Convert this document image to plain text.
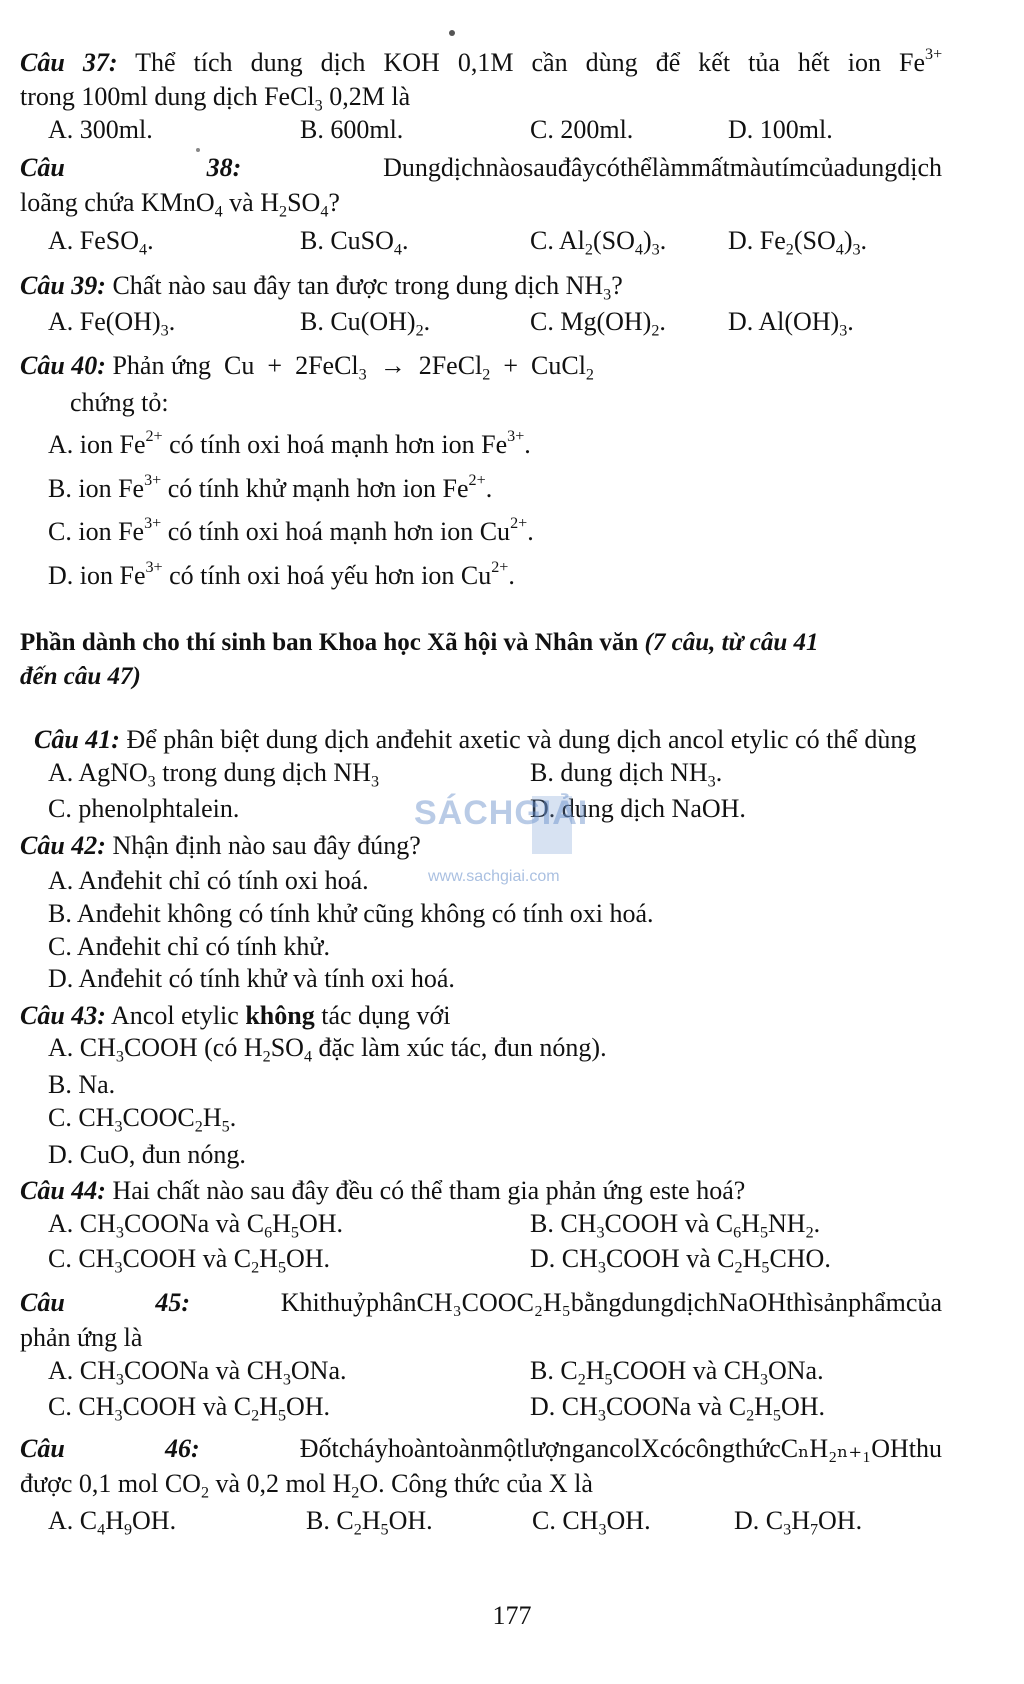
Câu 37: Thể tích dung dịch KOH 0,1M cần dùng để kết tủa hết ion $Fe^{3+}$
trong 100ml dung dịch FeCl$_3$ 0,2M là
A. 300ml.	B. 600ml.	C. 200ml.	D. 100ml.
Câu 38:	Dungdịchnàosauđâycóthểlàmmấtmàutímcủadungdịch
loãng chứa KMnO$_4$ và $H_2SO_4$?
A. FeSO$_4$.	B. CuSO$_4$.	C. $Al_2(SO_4)_3$. D. $Fe_2(SO_4)_3$.
Câu 39: Chất nào sau đây tan được trong dung dịch $NH_3$?
A. $Fe(OH)_3$.	B. $Cu(OH)_2$.	C. $Mg(OH)_2$. D. $Al(OH)_3$.
Câu 40: Phản ứng  Cu  +  2FeCl$_3$  →  2FeCl$_2$  +  CuCl$_2$
chứng tỏ:
A. ion $Fe^{2+}$ có tính oxi hoá mạnh hơn ion $Fe^{3+}$.
B. ion $Fe^{3+}$ có tính khử mạnh hơn ion $Fe^{2+}$.
C. ion $Fe^{3+}$ có tính oxi hoá mạnh hơn ion $Cu^{2+}$.
D. ion $Fe^{3+}$ có tính oxi hoá yếu hơn ion $Cu^{2+}$.
Phần dành cho thí sinh ban Khoa học Xã hội và Nhân văn (7 câu, từ câu 41
đến câu 47)
Câu 41: Để phân biệt dung dịch anđehit axetic và dung dịch ancol etylic có thể dùng
A. AgNO$_3$ trong dung dịch $NH_3$	B. dung dịch $NH_3$.
C. phenolphtalein.	D. dung dịch NaOH.
Câu 42: Nhận định nào sau đây đúng?
A. Anđehit chỉ có tính oxi hoá.
B. Anđehit không có tính khử cũng không có tính oxi hoá.
C. Anđehit chỉ có tính khử.
D. Anđehit có tính khử và tính oxi hoá.
Câu 43: Ancol etylic không tác dụng với
A. $CH_3COOH$ (có $H_2SO_4$ đặc làm xúc tác, đun nóng).
B. Na.
C. $CH_3COOC_2H_5$.
D. CuO, đun nóng.
Câu 44: Hai chất nào sau đây đều có thể tham gia phản ứng este hoá?
A. $CH_3COONa$ và $C_6H_5OH$.	B. $CH_3COOH$ và $C_6H_5NH_2$.
C. $CH_3COOH$ và $C_2H_5OH$.	D. $CH_3COOH$ và $C_2H_5CHO$.
Câu 45:	KhithuỷphânCH₃COOC₂H₅bằngdungdịchNaOHthìsảnphẩmcủa
phản ứng là
A. $CH_3COONa$ và $CH_3ONa$.	B. $C_2H_5COOH$ và $CH_3ONa$.
C. $CH_3COOH$ và $C_2H_5OH$.	D. $CH_3COONa$ và $C_2H_5OH$.
Câu 46:	ĐốtcháyhoàntoànmộtlượngancolXcócôngthứcCₙH₂ₙ₊₁OHthu
được 0,1 mol $CO_2$ và 0,2 mol $H_2O$. Công thức của X là
A. $C_4H_9OH$.	B. $C_2H_5OH$.	C. $CH_3OH$.	D. $C_3H_7OH$.
SÁCHGIẢI
www.sachgiai.com
177
